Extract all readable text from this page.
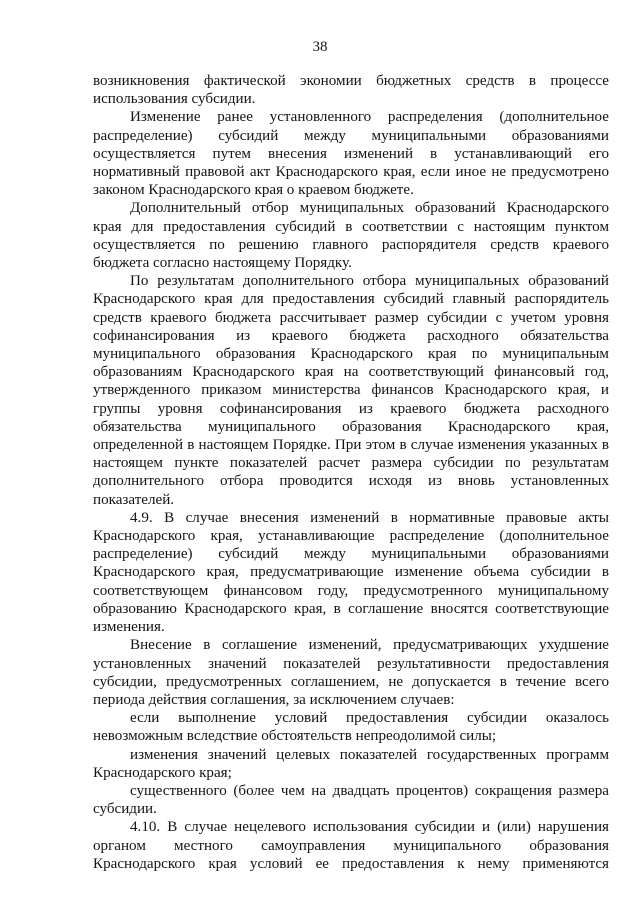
38

возникновения фактической экономии бюджетных средств в процессе использования субсидии.

Изменение ранее установленного распределения (дополнительное распределение) субсидий между муниципальными образованиями осуществляется путем внесения изменений в устанавливающий его нормативный правовой акт Краснодарского края, если иное не предусмотрено законом Краснодарского края о краевом бюджете.

Дополнительный отбор муниципальных образований Краснодарского края для предоставления субсидий в соответствии с настоящим пунктом осуществляется по решению главного распорядителя средств краевого бюджета согласно настоящему Порядку.

По результатам дополнительного отбора муниципальных образований Краснодарского края для предоставления субсидий главный распорядитель средств краевого бюджета рассчитывает размер субсидии с учетом уровня софинансирования из краевого бюджета расходного обязательства муниципального образования Краснодарского края по муниципальным образованиям Краснодарского края на соответствующий финансовый год, утвержденного приказом министерства финансов Краснодарского края, и группы уровня софинансирования из краевого бюджета расходного обязательства муниципального образования Краснодарского края, определенной в настоящем Порядке. При этом в случае изменения указанных в настоящем пункте показателей расчет размера субсидии по результатам дополнительного отбора проводится исходя из вновь установленных показателей.

4.9. В случае внесения изменений в нормативные правовые акты Краснодарского края, устанавливающие распределение (дополнительное распределение) субсидий между муниципальными образованиями Краснодарского края, предусматривающие изменение объема субсидии в соответствующем финансовом году, предусмотренного муниципальному образованию Краснодарского края, в соглашение вносятся соответствующие изменения.

Внесение в соглашение изменений, предусматривающих ухудшение установленных значений показателей результативности предоставления субсидии, предусмотренных соглашением, не допускается в течение всего периода действия соглашения, за исключением случаев:

если выполнение условий предоставления субсидии оказалось невозможным вследствие обстоятельств непреодолимой силы;

изменения значений целевых показателей государственных программ Краснодарского края;

существенного (более чем на двадцать процентов) сокращения размера субсидии.

4.10. В случае нецелевого использования субсидии и (или) нарушения органом местного самоуправления муниципального образования Краснодарского края условий ее предоставления к нему применяются
